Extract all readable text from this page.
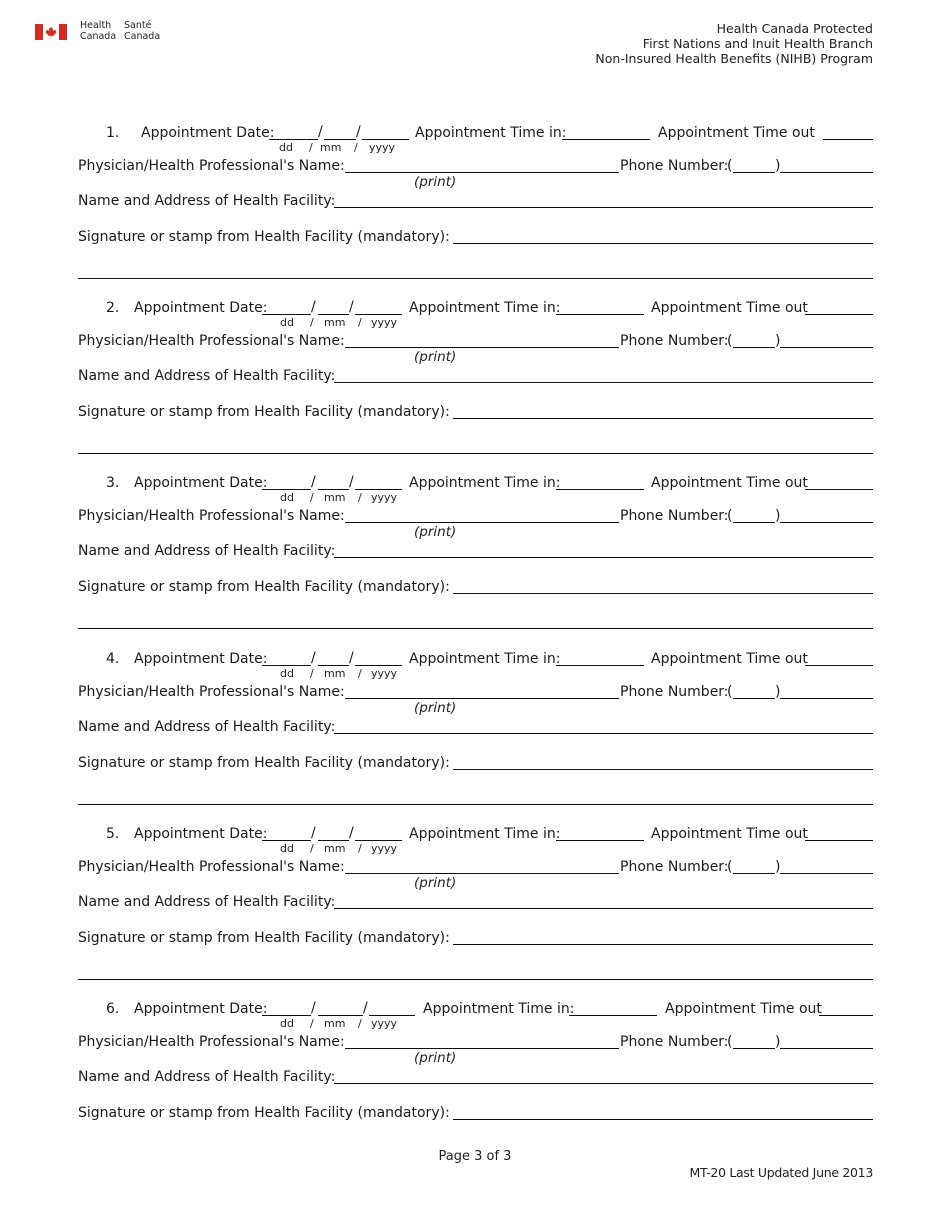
Health
Canada
Santé
Canada	Health Canada Protected
First Nations and Inuit Health Branch
Non-Insured Health Benefits (NIHB) Program
1. Appointment Date:	/ /
dd / mm / yyyy
Appointment Time in:	Appointment Time out
Physician/Health Professional's Name:
(print)
Phone Number:
(	)
Name and Address of Health Facility:
Signature or stamp from Health Facility (mandatory):
2. Appointment Date:	/ /
dd / mm / yyyy
Appointment Time in:	Appointment Time out
Physician/Health Professional's Name:
(print)
Phone Number:
(	)
Name and Address of Health Facility:
Signature or stamp from Health Facility (mandatory):
3. Appointment Date:	/ /
dd / mm / yyyy
Appointment Time in:	Appointment Time out
Physician/Health Professional's Name:
(print)
Phone Number:
(	)
Name and Address of Health Facility:
Signature or stamp from Health Facility (mandatory):
4. Appointment Date:	/ /
dd / mm / yyyy
Appointment Time in:	Appointment Time out
Physician/Health Professional's Name:
(print)
Phone Number:
(	)
Name and Address of Health Facility:
Signature or stamp from Health Facility (mandatory):
5. Appointment Date:	/ /
dd / mm / yyyy
Appointment Time in:	Appointment Time out
Physician/Health Professional's Name:
(print)
Phone Number:
(	)
Name and Address of Health Facility:
Signature or stamp from Health Facility (mandatory):
6. Appointment Date:	/	/
dd / mm / yyyy
Appointment Time in:	Appointment Time out
Physician/Health Professional's Name:
(print)
Phone Number:
(	)
Name and Address of Health Facility:
Signature or stamp from Health Facility (mandatory):
Page 3 of 3
MT-20 Last Updated June 2013
